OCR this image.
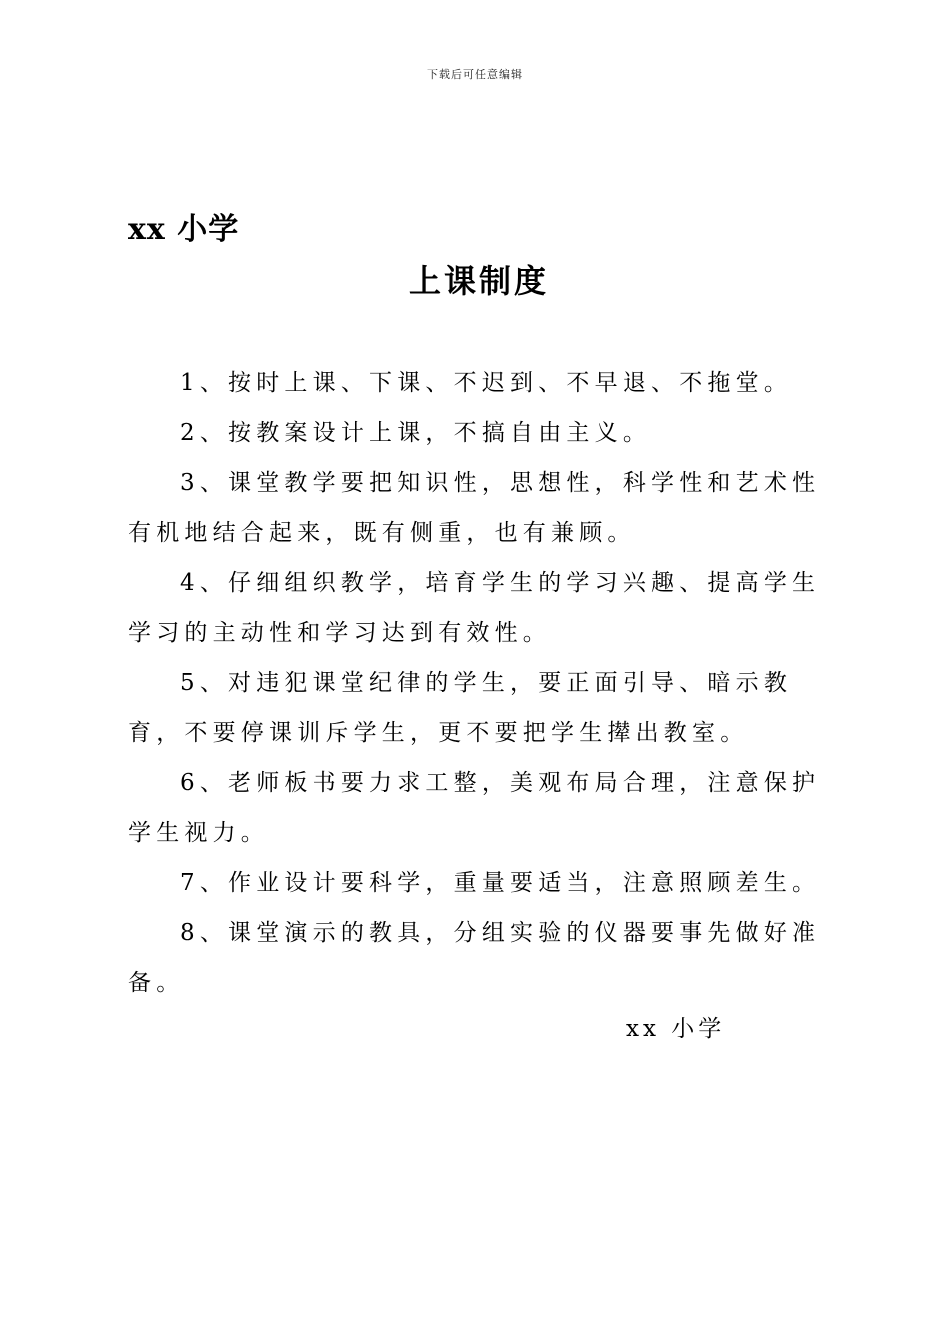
下载后可任意编辑
xx 小学
上课制度

1、按时上课、下课、不迟到、不早退、不拖堂。

2、按教案设计上课，不搞自由主义。

3、课堂教学要把知识性，思想性，科学性和艺术性有机地结合起来，既有侧重，也有兼顾。

4、仔细组织教学，培育学生的学习兴趣、提高学生学习的主动性和学习达到有效性。

5、对违犯课堂纪律的学生，要正面引导、暗示教育，不要停课训斥学生，更不要把学生撵出教室。

6、老师板书要力求工整，美观布局合理，注意保护学生视力。

7、作业设计要科学，重量要适当，注意照顾差生。

8、课堂演示的教具，分组实验的仪器要事先做好准备。

xx 小学
